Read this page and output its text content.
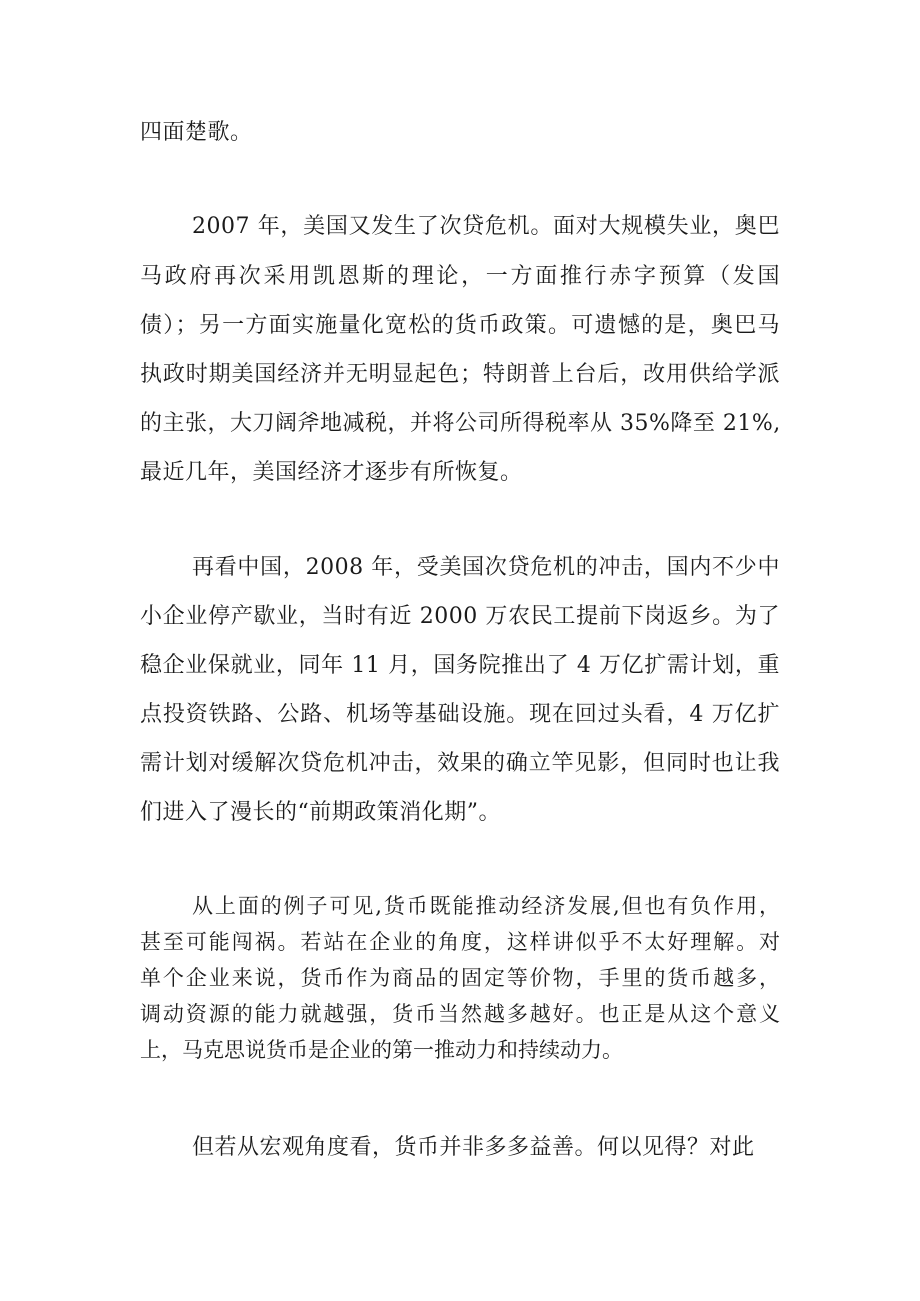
四面楚歌。
2007 年，美国又发生了次贷危机。面对大规模失业，奥巴
马政府再次采用凯恩斯的理论，一方面推行赤字预算（发国
债）；另一方面实施量化宽松的货币政策。可遗憾的是，奥巴马
执政时期美国经济并无明显起色；特朗普上台后，改用供给学派
的主张，大刀阔斧地减税，并将公司所得税率从 35%降至 21%,
最近几年，美国经济才逐步有所恢复。
再看中国，2008 年，受美国次贷危机的冲击，国内不少中
小企业停产歇业，当时有近 2000 万农民工提前下岗返乡。为了
稳企业保就业，同年 11 月，国务院推出了 4 万亿扩需计划，重
点投资铁路、公路、机场等基础设施。现在回过头看，4 万亿扩
需计划对缓解次贷危机冲击，效果的确立竿见影，但同时也让我
们进入了漫长的“前期政策消化期”。
从上面的例子可见,货币既能推动经济发展,但也有负作用，
甚至可能闯祸。若站在企业的角度，这样讲似乎不太好理解。对
单个企业来说，货币作为商品的固定等价物，手里的货币越多，
调动资源的能力就越强，货币当然越多越好。也正是从这个意义
上，马克思说货币是企业的第一推动力和持续动力。
但若从宏观角度看，货币并非多多益善。何以见得？对此
